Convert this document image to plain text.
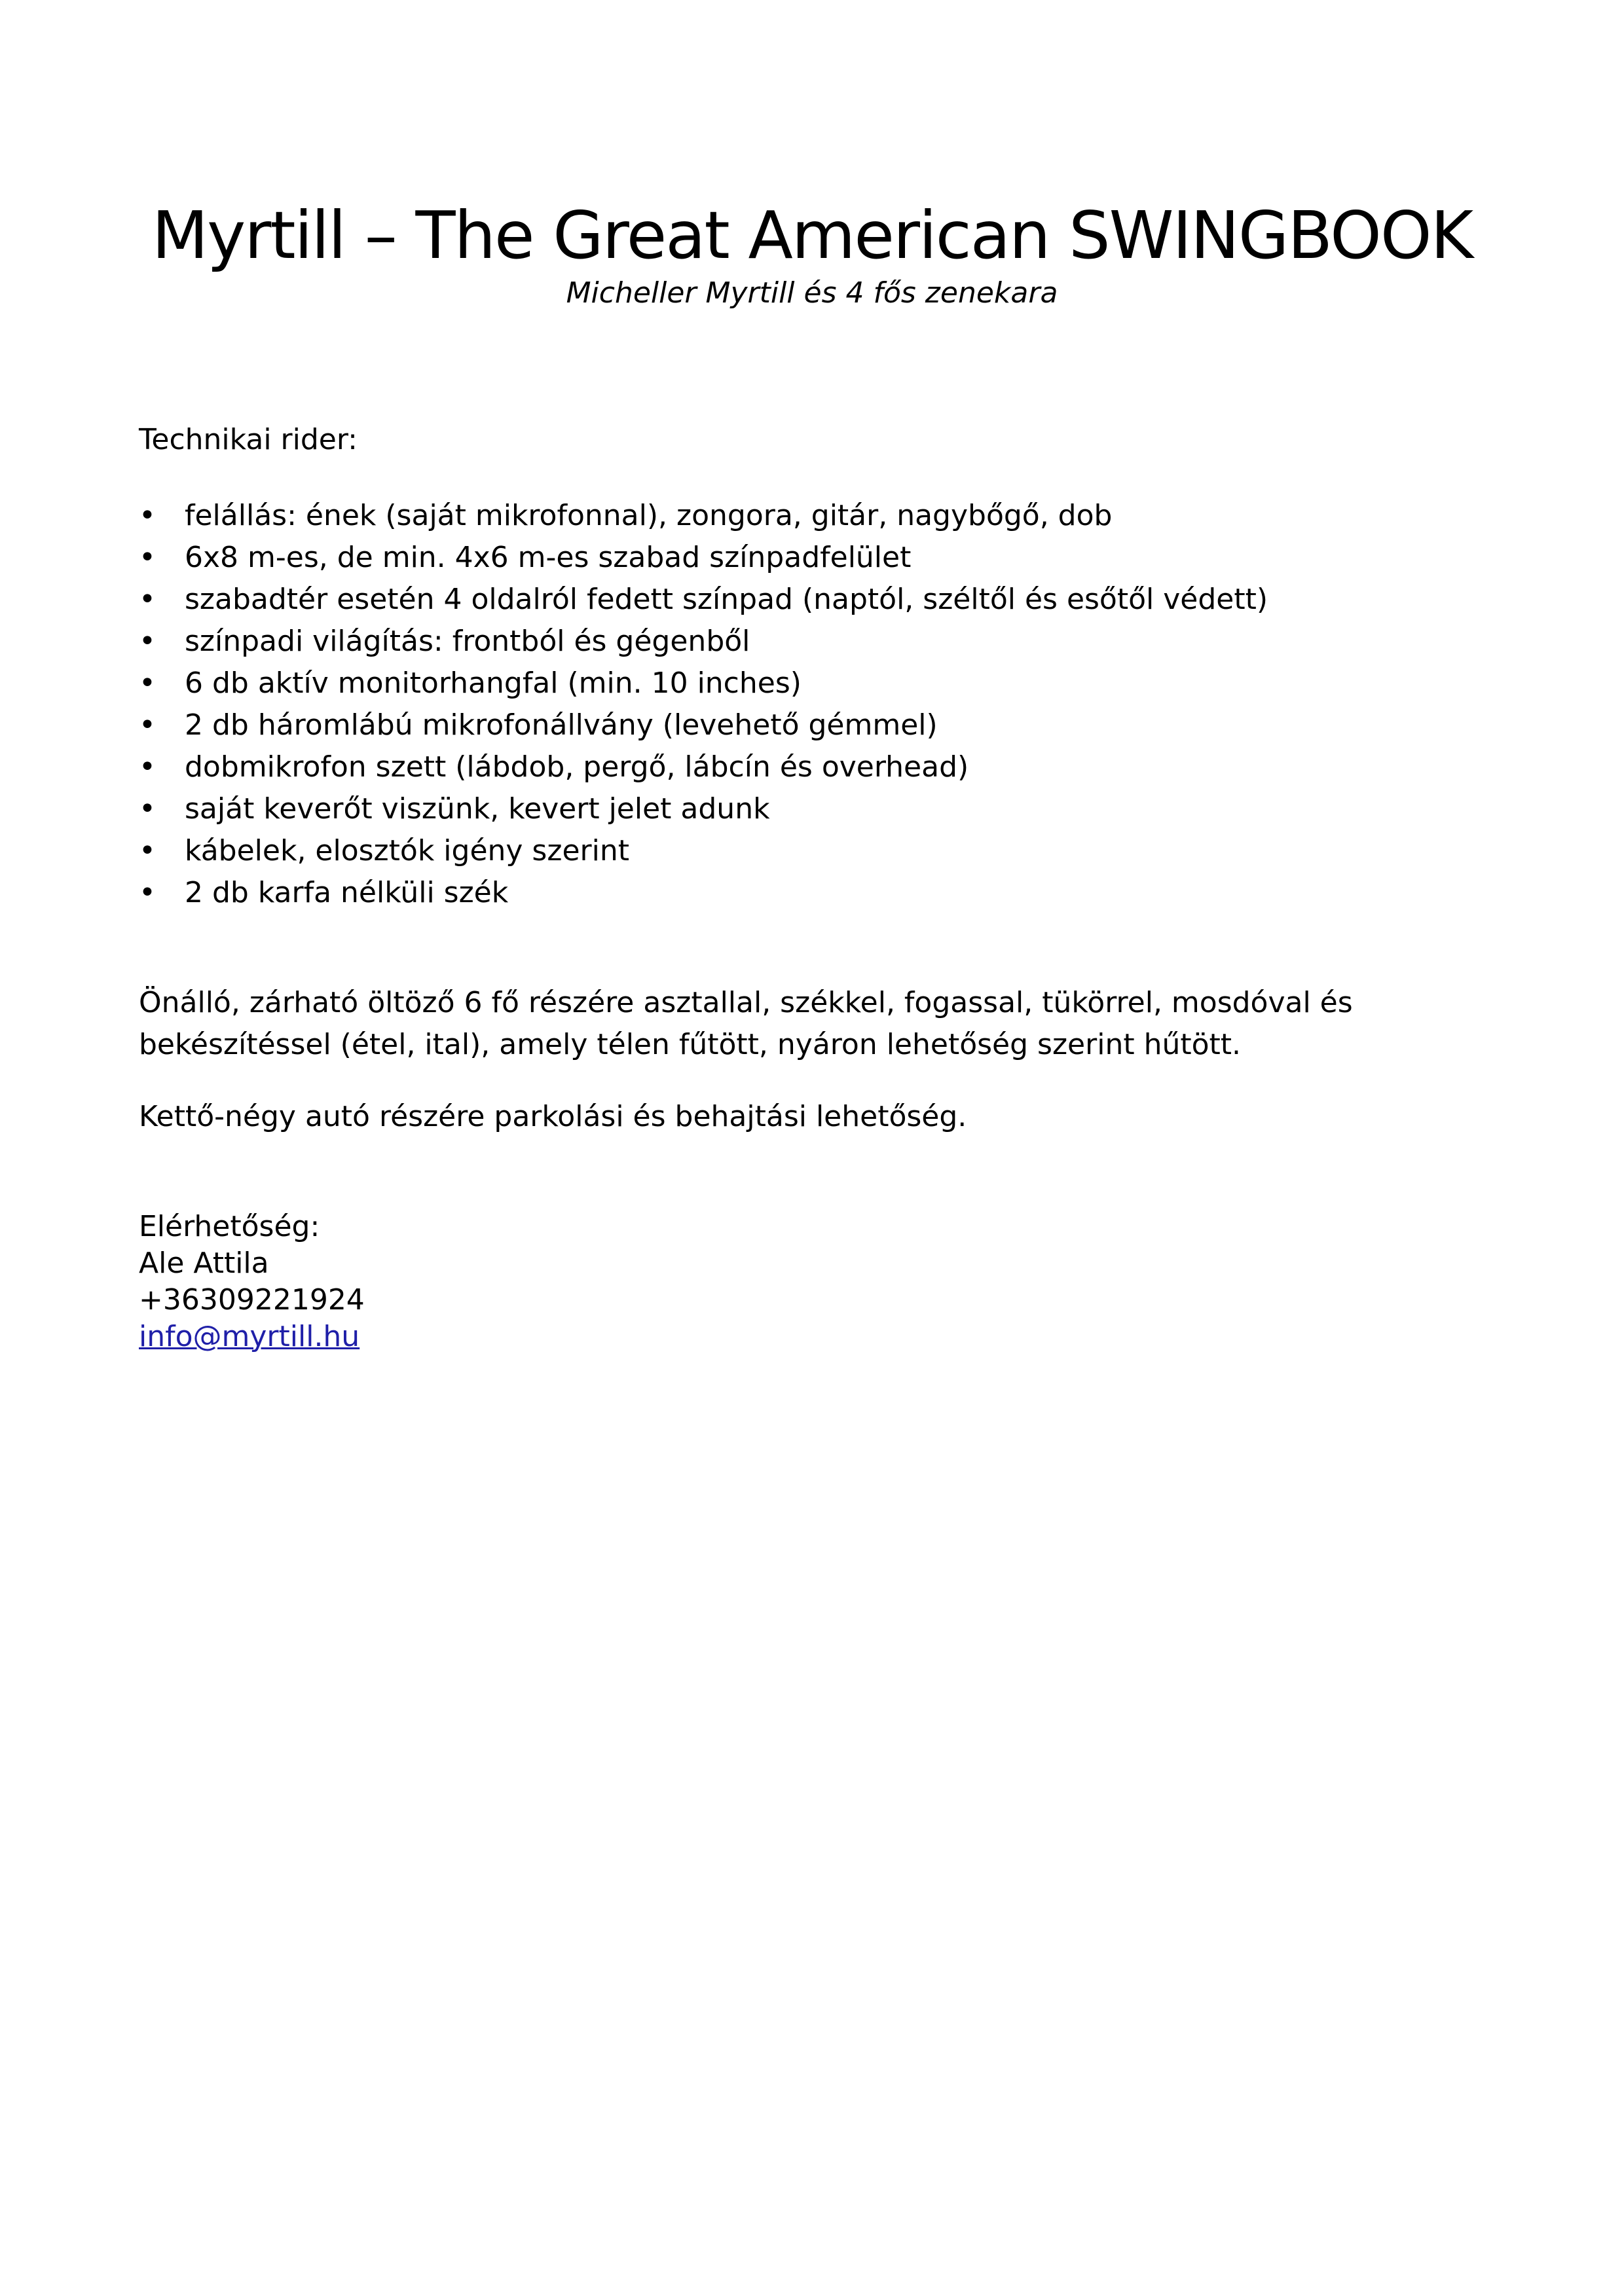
Myrtill – The Great American SWINGBOOK
Micheller Myrtill és 4 fős zenekara
Technikai rider:
• felállás: ének (saját mikrofonnal), zongora, gitár, nagybőgő, dob
• 6x8 m-es, de min. 4x6 m-es szabad színpadfelület
• szabadtér esetén 4 oldalról fedett színpad (naptól, széltől és esőtől védett)
• színpadi világítás: frontból és gégenből
• 6 db aktív monitorhangfal (min. 10 inches)
• 2 db háromlábú mikrofonállvány (levehető gémmel)
• dobmikrofon szett (lábdob, pergő, lábcín és overhead)
• saját keverőt viszünk, kevert jelet adunk
• kábelek, elosztók igény szerint
• 2 db karfa nélküli szék
Önálló, zárható öltöző 6 fő részére asztallal, székkel, fogassal, tükörrel, mosdóval és bekészítéssel (étel, ital), amely télen fűtött, nyáron lehetőség szerint hűtött.
Kettő-négy autó részére parkolási és behajtási lehetőség.
Elérhetőség:
Ale Attila
+36309221924
info@myrtill.hu
